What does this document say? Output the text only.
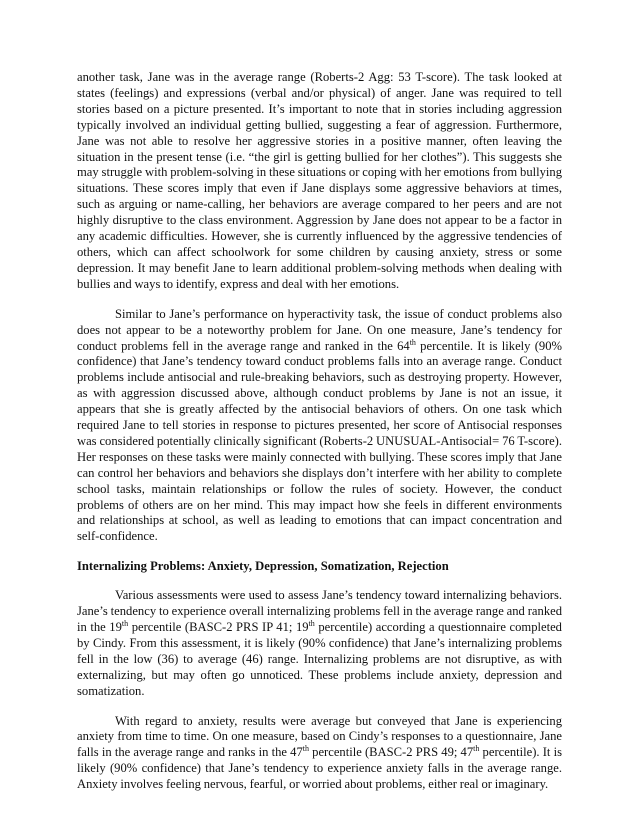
another task, Jane was in the average range (Roberts-2 Agg: 53 T-score). The task looked at states (feelings) and expressions (verbal and/or physical) of anger. Jane was required to tell stories based on a picture presented. It’s important to note that in stories including aggression typically involved an individual getting bullied, suggesting a fear of aggression. Furthermore, Jane was not able to resolve her aggressive stories in a positive manner, often leaving the situation in the present tense (i.e. “the girl is getting bullied for her clothes”). This suggests she may struggle with problem-solving in these situations or coping with her emotions from bullying situations. These scores imply that even if Jane displays some aggressive behaviors at times, such as arguing or name-calling, her behaviors are average compared to her peers and are not highly disruptive to the class environment. Aggression by Jane does not appear to be a factor in any academic difficulties. However, she is currently influenced by the aggressive tendencies of others, which can affect schoolwork for some children by causing anxiety, stress or some depression. It may benefit Jane to learn additional problem-solving methods when dealing with bullies and ways to identify, express and deal with her emotions.

Similar to Jane’s performance on hyperactivity task, the issue of conduct problems also does not appear to be a noteworthy problem for Jane. On one measure, Jane’s tendency for conduct problems fell in the average range and ranked in the 64th percentile. It is likely (90% confidence) that Jane’s tendency toward conduct problems falls into an average range. Conduct problems include antisocial and rule-breaking behaviors, such as destroying property. However, as with aggression discussed above, although conduct problems by Jane is not an issue, it appears that she is greatly affected by the antisocial behaviors of others. On one task which required Jane to tell stories in response to pictures presented, her score of Antisocial responses was considered potentially clinically significant (Roberts-2 UNUSUAL-Antisocial= 76 T-score). Her responses on these tasks were mainly connected with bullying. These scores imply that Jane can control her behaviors and behaviors she displays don’t interfere with her ability to complete school tasks, maintain relationships or follow the rules of society. However, the conduct problems of others are on her mind. This may impact how she feels in different environments and relationships at school, as well as leading to emotions that can impact concentration and self-confidence.

Internalizing Problems: Anxiety, Depression, Somatization, Rejection

Various assessments were used to assess Jane’s tendency toward internalizing behaviors. Jane’s tendency to experience overall internalizing problems fell in the average range and ranked in the 19th percentile (BASC-2 PRS IP 41; 19th percentile) according a questionnaire completed by Cindy. From this assessment, it is likely (90% confidence) that Jane’s internalizing problems fell in the low (36) to average (46) range. Internalizing problems are not disruptive, as with externalizing, but may often go unnoticed. These problems include anxiety, depression and somatization.

With regard to anxiety, results were average but conveyed that Jane is experiencing anxiety from time to time. On one measure, based on Cindy’s responses to a questionnaire, Jane falls in the average range and ranks in the 47th percentile (BASC-2 PRS 49; 47th percentile). It is likely (90% confidence) that Jane’s tendency to experience anxiety falls in the average range. Anxiety involves feeling nervous, fearful, or worried about problems, either real or imaginary.
